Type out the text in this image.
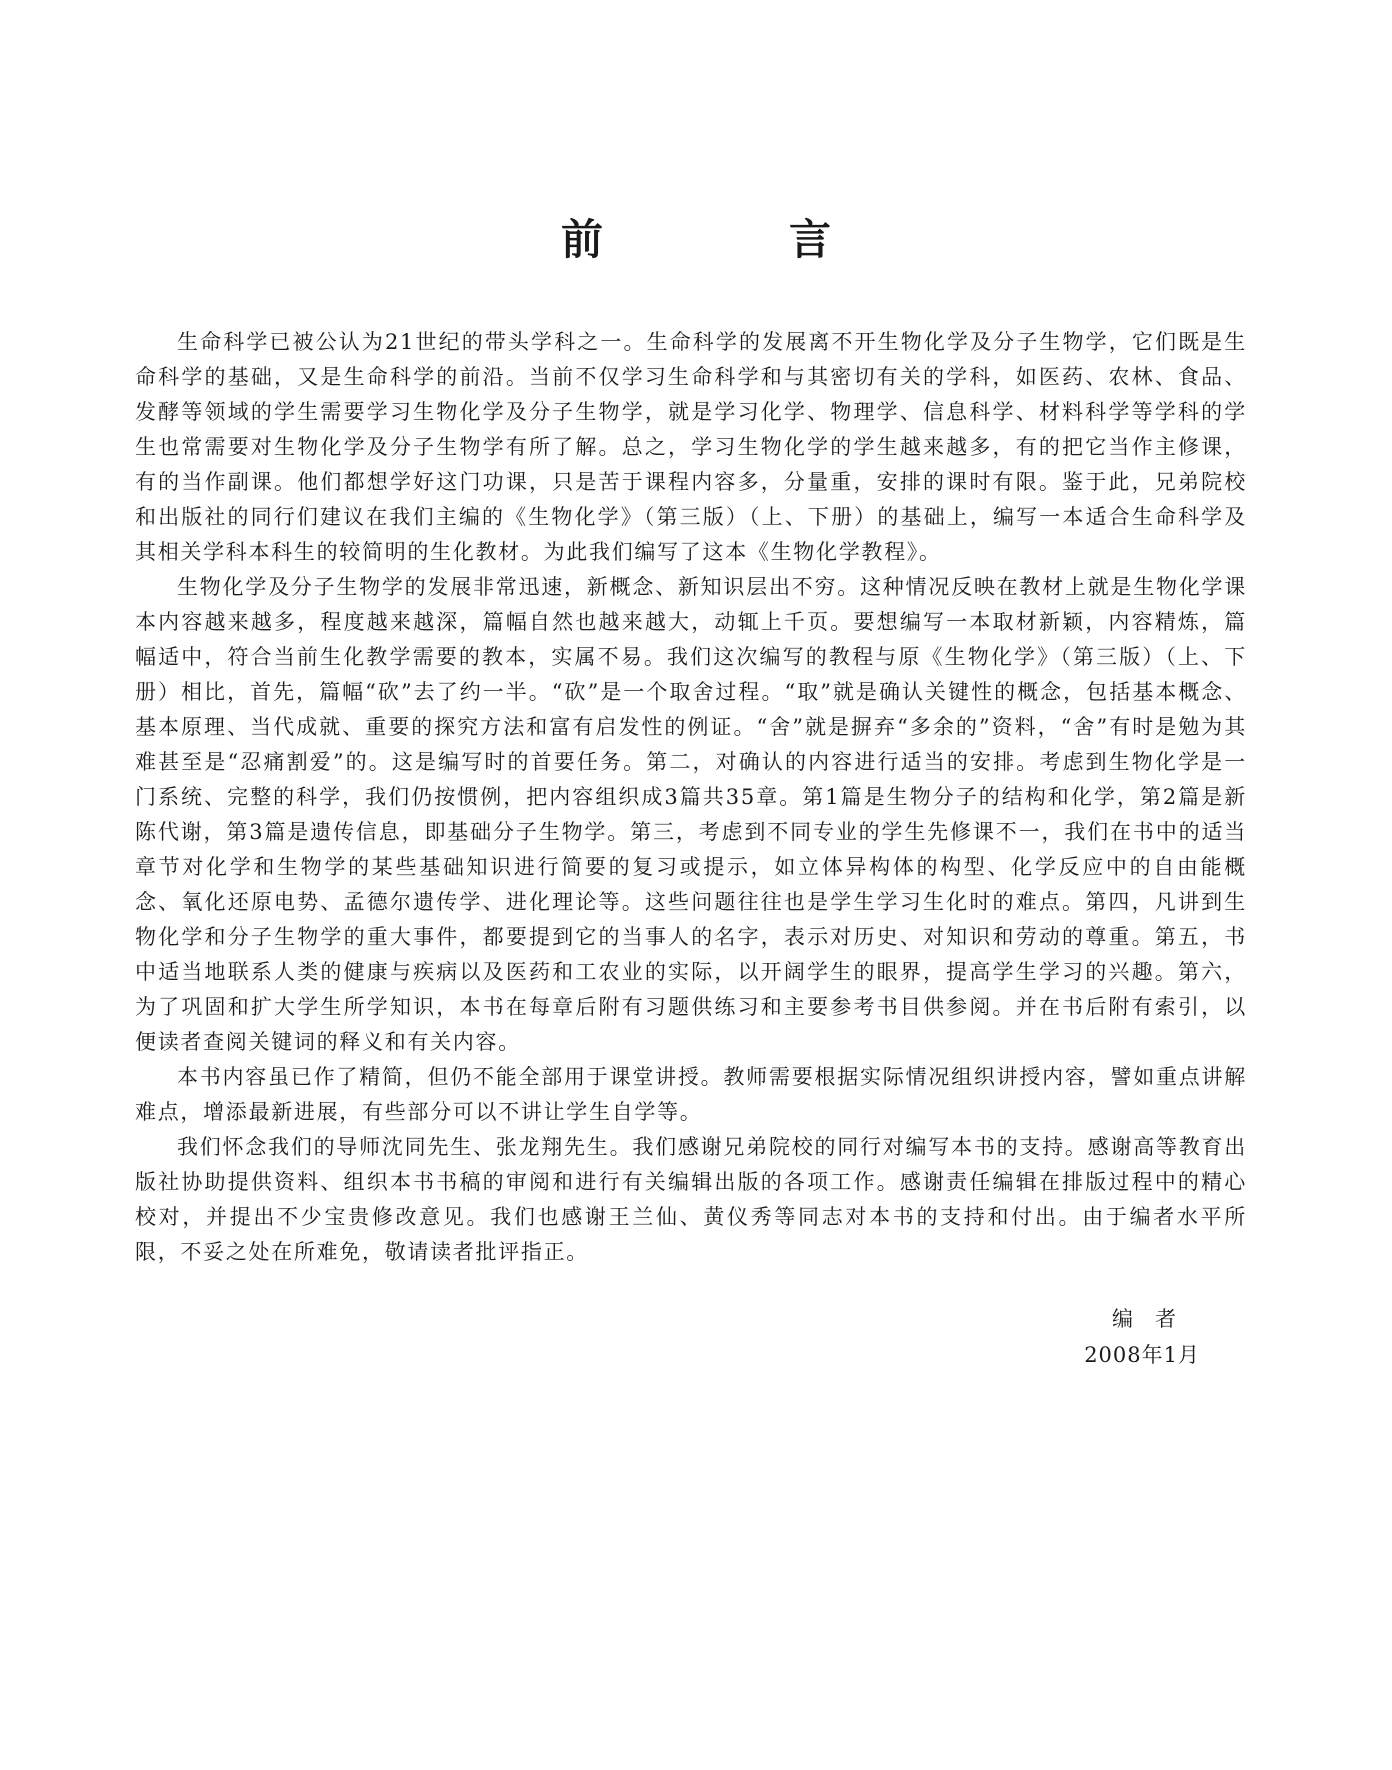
前　言

生命科学已被公认为21世纪的带头学科之一。生命科学的发展离不开生物化学及分子生物学，它们既是生命科学的基础，又是生命科学的前沿。当前不仅学习生命科学和与其密切有关的学科，如医药、农林、食品、发酵等领域的学生需要学习生物化学及分子生物学，就是学习化学、物理学、信息科学、材料科学等学科的学生也常需要对生物化学及分子生物学有所了解。总之，学习生物化学的学生越来越多，有的把它当作主修课，有的当作副课。他们都想学好这门功课，只是苦于课程内容多，分量重，安排的课时有限。鉴于此，兄弟院校和出版社的同行们建议在我们主编的《生物化学》（第三版）（上、下册）的基础上，编写一本适合生命科学及其相关学科本科生的较简明的生化教材。为此我们编写了这本《生物化学教程》。

生物化学及分子生物学的发展非常迅速，新概念、新知识层出不穷。这种情况反映在教材上就是生物化学课本内容越来越多，程度越来越深，篇幅自然也越来越大，动辄上千页。要想编写一本取材新颖，内容精炼，篇幅适中，符合当前生化教学需要的教本，实属不易。我们这次编写的教程与原《生物化学》（第三版）（上、下册）相比，首先，篇幅“砍”去了约一半。“砍”是一个取舍过程。“取”就是确认关键性的概念，包括基本概念、基本原理、当代成就、重要的探究方法和富有启发性的例证。“舍”就是摒弃“多余的”资料，“舍”有时是勉为其难甚至是“忍痛割爱”的。这是编写时的首要任务。第二，对确认的内容进行适当的安排。考虑到生物化学是一门系统、完整的科学，我们仍按惯例，把内容组织成3篇共35章。第1篇是生物分子的结构和化学，第2篇是新陈代谢，第3篇是遗传信息，即基础分子生物学。第三，考虑到不同专业的学生先修课不一，我们在书中的适当章节对化学和生物学的某些基础知识进行简要的复习或提示，如立体异构体的构型、化学反应中的自由能概念、氧化还原电势、孟德尔遗传学、进化理论等。这些问题往往也是学生学习生化时的难点。第四，凡讲到生物化学和分子生物学的重大事件，都要提到它的当事人的名字，表示对历史、对知识和劳动的尊重。第五，书中适当地联系人类的健康与疾病以及医药和工农业的实际，以开阔学生的眼界，提高学生学习的兴趣。第六，为了巩固和扩大学生所学知识，本书在每章后附有习题供练习和主要参考书目供参阅。并在书后附有索引，以便读者查阅关键词的释义和有关内容。

本书内容虽已作了精简，但仍不能全部用于课堂讲授。教师需要根据实际情况组织讲授内容，譬如重点讲解难点，增添最新进展，有些部分可以不讲让学生自学等。

我们怀念我们的导师沈同先生、张龙翔先生。我们感谢兄弟院校的同行对编写本书的支持。感谢高等教育出版社协助提供资料、组织本书书稿的审阅和进行有关编辑出版的各项工作。感谢责任编辑在排版过程中的精心校对，并提出不少宝贵修改意见。我们也感谢王兰仙、黄仪秀等同志对本书的支持和付出。由于编者水平所限，不妥之处在所难免，敬请读者批评指正。

编者
2008年1月
